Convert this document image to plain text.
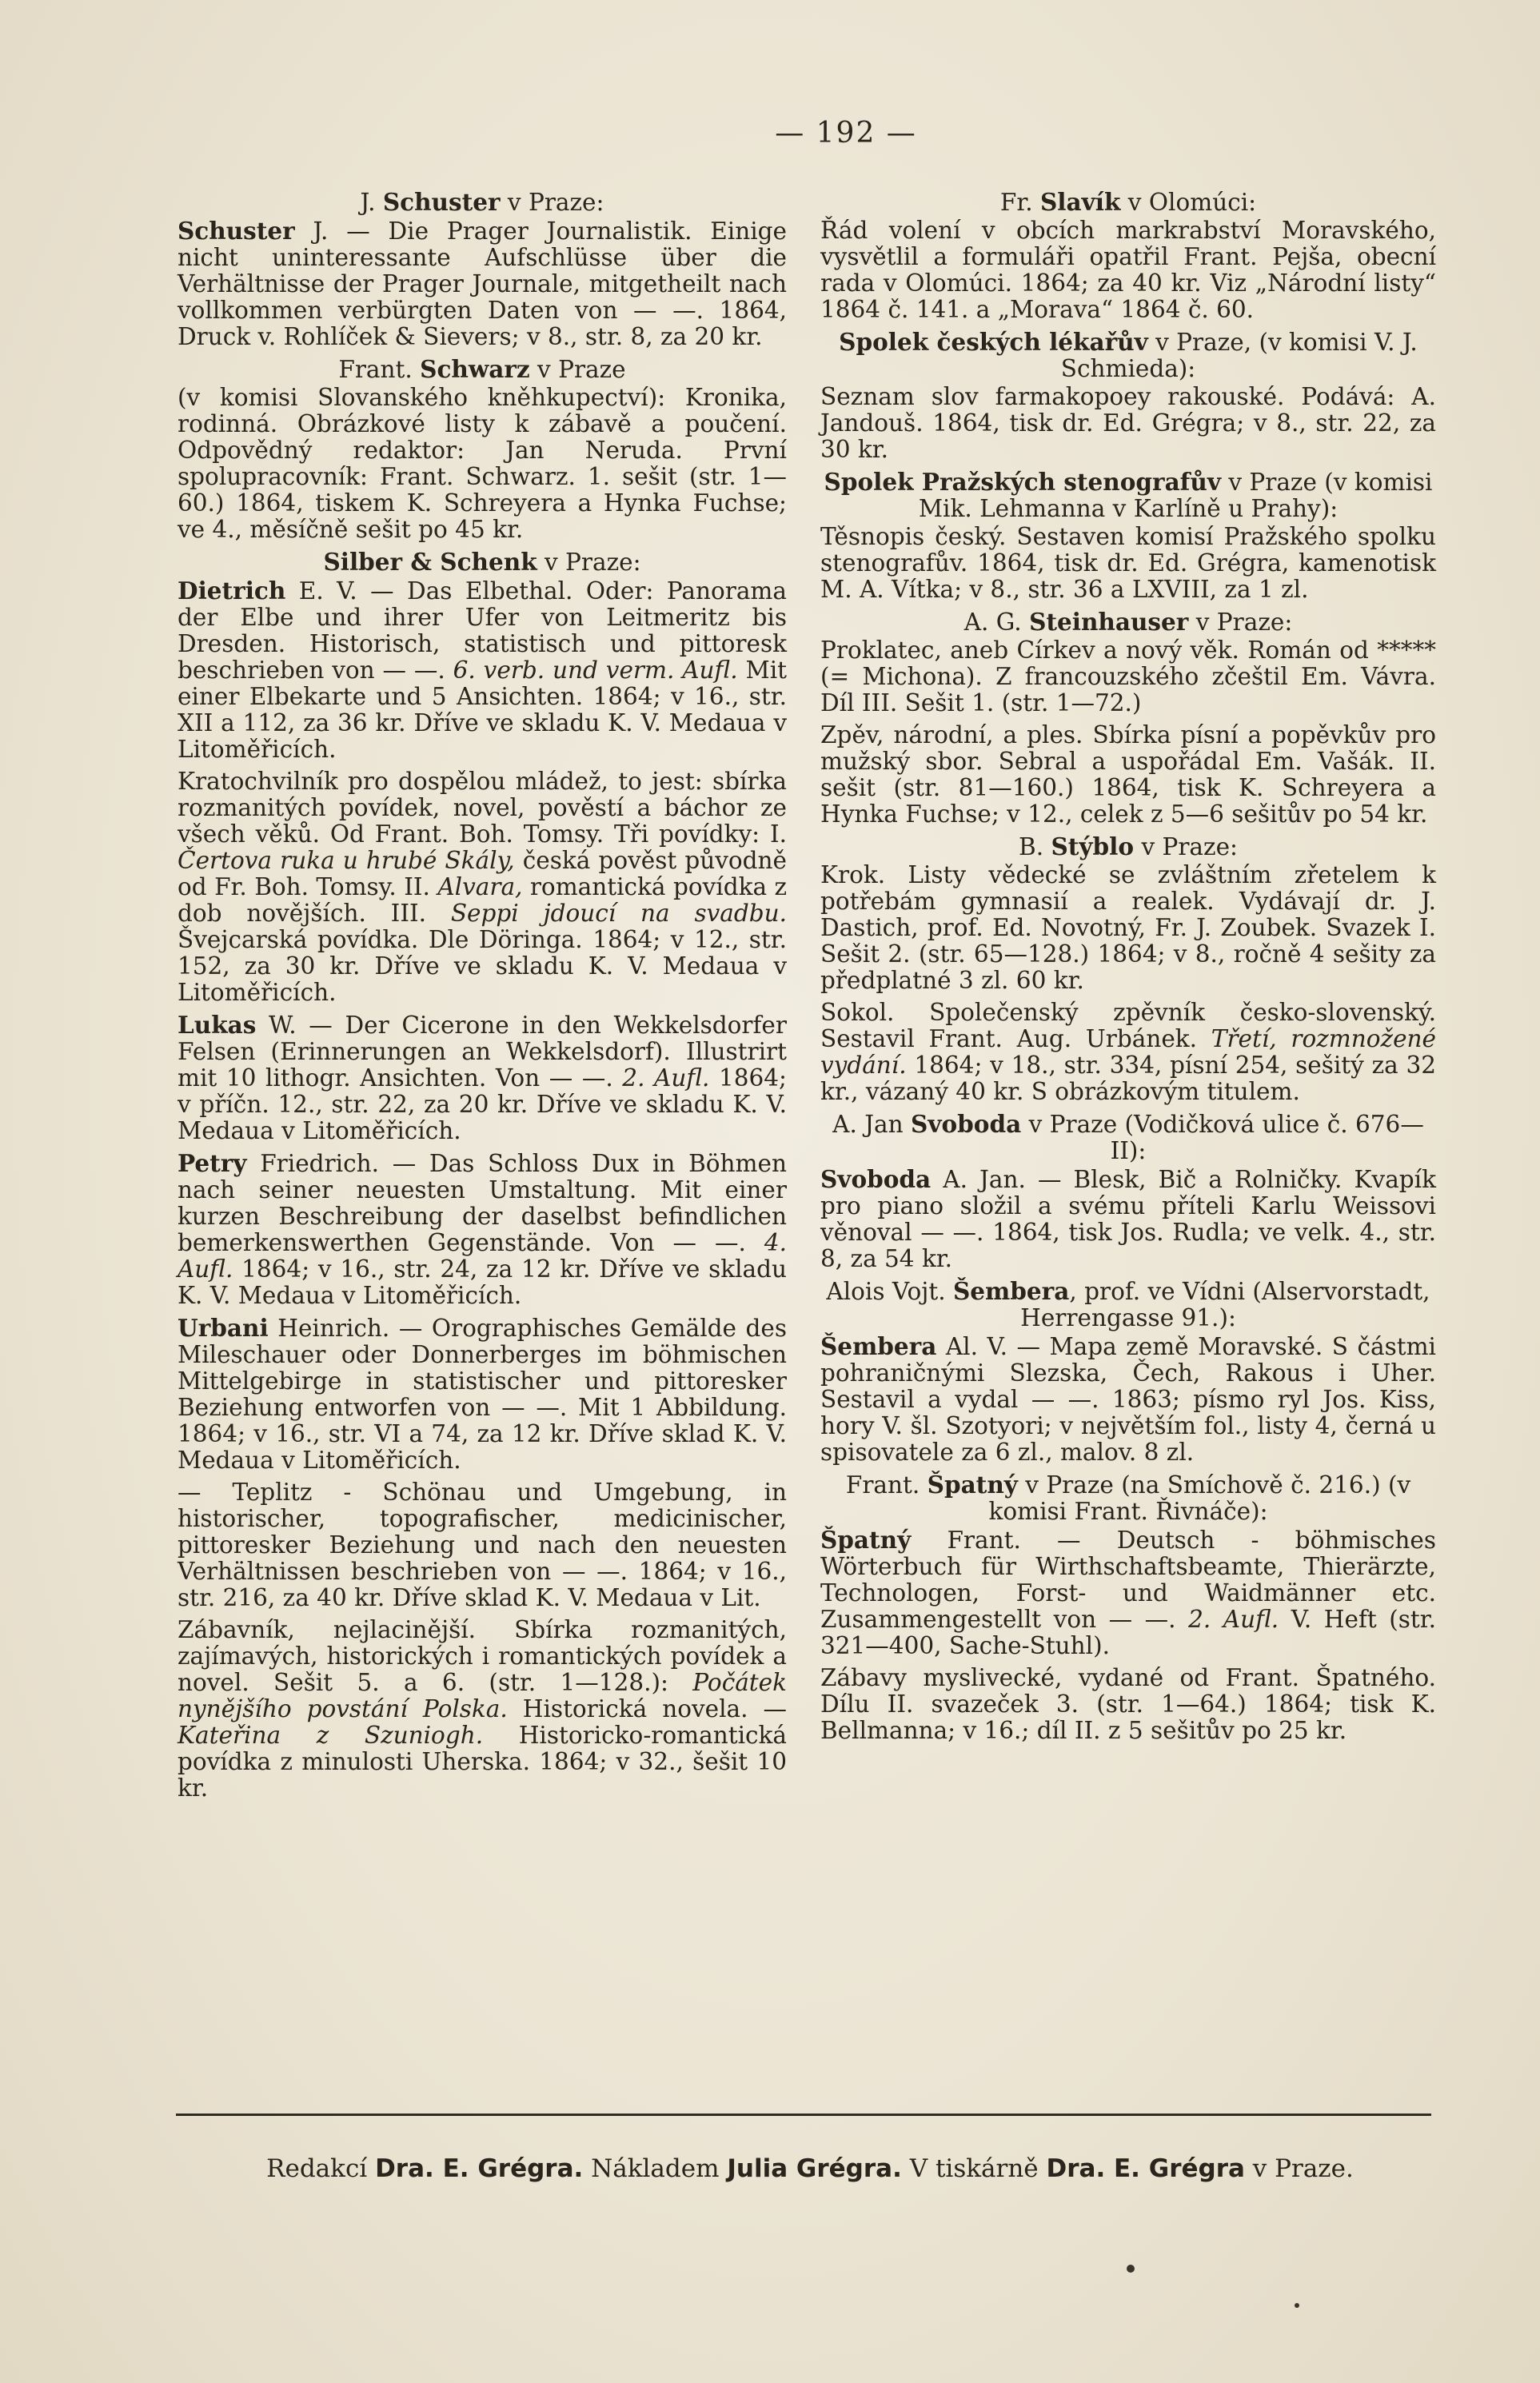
— 192 —
J. Schuster v Praze:
Schuster J. — Die Prager Journalistik. Einige nicht uninteressante Aufschlüsse über die Verhältnisse der Prager Journale, mitgetheilt nach vollkommen verbürgten Daten von — —. 1864, Druck v. Rohlíček & Sievers; v 8., str. 8, za 20 kr.
Frant. Schwarz v Praze
(v komisi Slovanského kněhkupectví): Kronika, rodinná. Obrázkové listy k zábavě a poučení. Odpovědný redaktor: Jan Neruda. První spolupracovník: Frant. Schwarz. 1. sešit (str. 1—60.) 1864, tiskem K. Schreyera a Hynka Fuchse; ve 4., měsíčně sešit po 45 kr.
Silber & Schenk v Praze:
Dietrich E. V. — Das Elbethal. Oder: Panorama der Elbe und ihrer Ufer von Leitmeritz bis Dresden. Historisch, statistisch und pittoresk beschrieben von — —. 6. verb. und verm. Aufl. Mit einer Elbekarte und 5 Ansichten. 1864; v 16., str. XII a 112, za 36 kr. Dříve ve skladu K. V. Medaua v Litoměřicích.
Kratochvilník pro dospělou mládež, to jest: sbírka rozmanitých povídek, novel, pověstí a báchor ze všech věků. Od Frant. Boh. Tomsy. Tři povídky: I. Čertova ruka u hrubé Skály, česká pověst původně od Fr. Boh. Tomsy. II. Alvara, romantická povídka z dob novějších. III. Seppi jdoucí na svadbu. Švejcarská povídka. Dle Döringa. 1864; v 12., str. 152, za 30 kr. Dříve ve skladu K. V. Medaua v Litoměřicích.
Lukas W. — Der Cicerone in den Wekkelsdorfer Felsen (Erinnerungen an Wekkelsdorf). Illustrirt mit 10 lithogr. Ansichten. Von — —. 2. Aufl. 1864; v příčn. 12., str. 22, za 20 kr. Dříve ve skladu K. V. Medaua v Litoměřicích.
Petry Friedrich. — Das Schloss Dux in Böhmen nach seiner neuesten Umstaltung. Mit einer kurzen Beschreibung der daselbst befindlichen bemerkenswerthen Gegenstände. Von — —. 4. Aufl. 1864; v 16., str. 24, za 12 kr. Dříve ve skladu K. V. Medaua v Litoměřicích.
Urbani Heinrich. — Orographisches Gemälde des Mileschauer oder Donnerberges im böhmischen Mittelgebirge in statistischer und pittoresker Beziehung entworfen von — —. Mit 1 Abbildung. 1864; v 16., str. VI a 74, za 12 kr. Dříve sklad K. V. Medaua v Litoměřicích.
— Teplitz - Schönau und Umgebung, in historischer, topografischer, medicinischer, pittoresker Beziehung und nach den neuesten Verhältnissen beschrieben von — —. 1864; v 16., str. 216, za 40 kr. Dříve sklad K. V. Medaua v Lit.
Zábavník, nejlacinější. Sbírka rozmanitých, zajímavých, historických i romantických povídek a novel. Sešit 5. a 6. (str. 1—128.): Počátek nynějšího povstání Polska. Historická novela. — Kateřina z Szuniogh. Historicko-romantická povídka z minulosti Uherska. 1864; v 32., šešit 10 kr.
Fr. Slavík v Olomúci:
Řád volení v obcích markrabství Moravského, vysvětlil a formuláři opatřil Frant. Pejša, obecní rada v Olomúci. 1864; za 40 kr. Viz „Národní listy“ 1864 č. 141. a „Morava“ 1864 č. 60.
Spolek českých lékařův v Praze, (v komisi V. J. Schmieda):
Seznam slov farmakopoey rakouské. Podává: A. Jandouš. 1864, tisk dr. Ed. Grégra; v 8., str. 22, za 30 kr.
Spolek Pražských stenografův v Praze (v komisi Mik. Lehmanna v Karlíně u Prahy):
Těsnopis český. Sestaven komisí Pražského spolku stenografův. 1864, tisk dr. Ed. Grégra, kamenotisk M. A. Vítka; v 8., str. 36 a LXVIII, za 1 zl.
A. G. Steinhauser v Praze:
Proklatec, aneb Církev a nový věk. Román od ***** (= Michona). Z francouzského zčeštil Em. Vávra. Díl III. Sešit 1. (str. 1—72.)
Zpěv, národní, a ples. Sbírka písní a popěvkův pro mužský sbor. Sebral a uspořádal Em. Vašák. II. sešit (str. 81—160.) 1864, tisk K. Schreyera a Hynka Fuchse; v 12., celek z 5—6 sešitův po 54 kr.
B. Stýblo v Praze:
Krok. Listy vědecké se zvláštním zřetelem k potřebám gymnasií a realek. Vydávají dr. J. Dastich, prof. Ed. Novotný, Fr. J. Zoubek. Svazek I. Sešit 2. (str. 65—128.) 1864; v 8., ročně 4 sešity za předplatné 3 zl. 60 kr.
Sokol. Společenský zpěvník česko-slovenský. Sestavil Frant. Aug. Urbánek. Třetí, rozmnožené vydání. 1864; v 18., str. 334, písní 254, sešitý za 32 kr., vázaný 40 kr. S obrázkovým titulem.
A. Jan Svoboda v Praze (Vodičková ulice č. 676—II):
Svoboda A. Jan. — Blesk, Bič a Rolničky. Kvapík pro piano složil a svému příteli Karlu Weissovi věnoval — —. 1864, tisk Jos. Rudla; ve velk. 4., str. 8, za 54 kr.
Alois Vojt. Šembera, prof. ve Vídni (Alservorstadt, Herrengasse 91.):
Šembera Al. V. — Mapa země Moravské. S částmi pohraničnými Slezska, Čech, Rakous i Uher. Sestavil a vydal — —. 1863; písmo ryl Jos. Kiss, hory V. šl. Szotyori; v největším fol., listy 4, černá u spisovatele za 6 zl., malov. 8 zl.
Frant. Špatný v Praze (na Smíchově č. 216.) (v komisi Frant. Řivnáče):
Špatný Frant. — Deutsch - böhmisches Wörterbuch für Wirthschaftsbeamte, Thierärzte, Technologen, Forst- und Waidmänner etc. Zusammengestellt von — —. 2. Aufl. V. Heft (str. 321—400, Sache-Stuhl).
Zábavy myslivecké, vydané od Frant. Špatného. Dílu II. svazeček 3. (str. 1—64.) 1864; tisk K. Bellmanna; v 16.; díl II. z 5 sešitův po 25 kr.
Redakcí Dra. E. Grégra. Nákladem Julia Grégra. V tiskárně Dra. E. Grégra v Praze.
